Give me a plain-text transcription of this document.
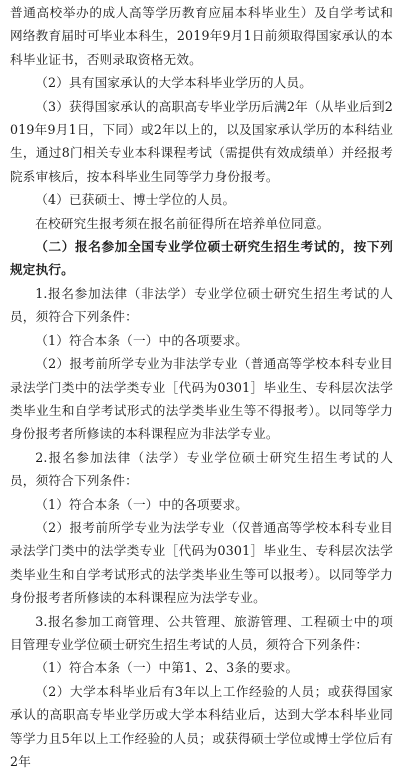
普通高校举办的成人高等学历教育应届本科毕业生）及自学考试和网络教育届时可毕业本科生，2019年9月1日前须取得国家承认的本科毕业证书，否则录取资格无效。

（2）具有国家承认的大学本科毕业学历的人员。

（3）获得国家承认的高职高专毕业学历后满2年（从毕业后到2019年9月1日，下同）或2年以上的，以及国家承认学历的本科结业生，通过8门相关专业本科课程考试（需提供有效成绩单）并经报考院系审核后，按本科毕业生同等学力身份报考。

（4）已获硕士、博士学位的人员。

在校研究生报考须在报名前征得所在培养单位同意。

（二）报名参加全国专业学位硕士研究生招生考试的，按下列规定执行。

1.报名参加法律（非法学）专业学位硕士研究生招生考试的人员，须符合下列条件：

（1）符合本条（一）中的各项要求。

（2）报考前所学专业为非法学专业（普通高等学校本科专业目录法学门类中的法学类专业［代码为0301］毕业生、专科层次法学类毕业生和自学考试形式的法学类毕业生等不得报考）。以同等学力身份报考者所修读的本科课程应为非法学专业。

2.报名参加法律（法学）专业学位硕士研究生招生考试的人员，须符合下列条件：

（1）符合本条（一）中的各项要求。

（2）报考前所学专业为法学专业（仅普通高等学校本科专业目录法学门类中的法学类专业［代码为0301］毕业生、专科层次法学类毕业生和自学考试形式的法学类毕业生等可以报考）。以同等学力身份报考者所修读的本科课程应为法学专业。

3.报名参加工商管理、公共管理、旅游管理、工程硕士中的项目管理专业学位硕士研究生招生考试的人员，须符合下列条件：

（1）符合本条（一）中第1、2、3条的要求。

（2）大学本科毕业后有3年以上工作经验的人员；或获得国家承认的高职高专毕业学历或大学本科结业后，达到大学本科毕业同等学力且5年以上工作经验的人员；或获得硕士学位或博士学位后有2年
